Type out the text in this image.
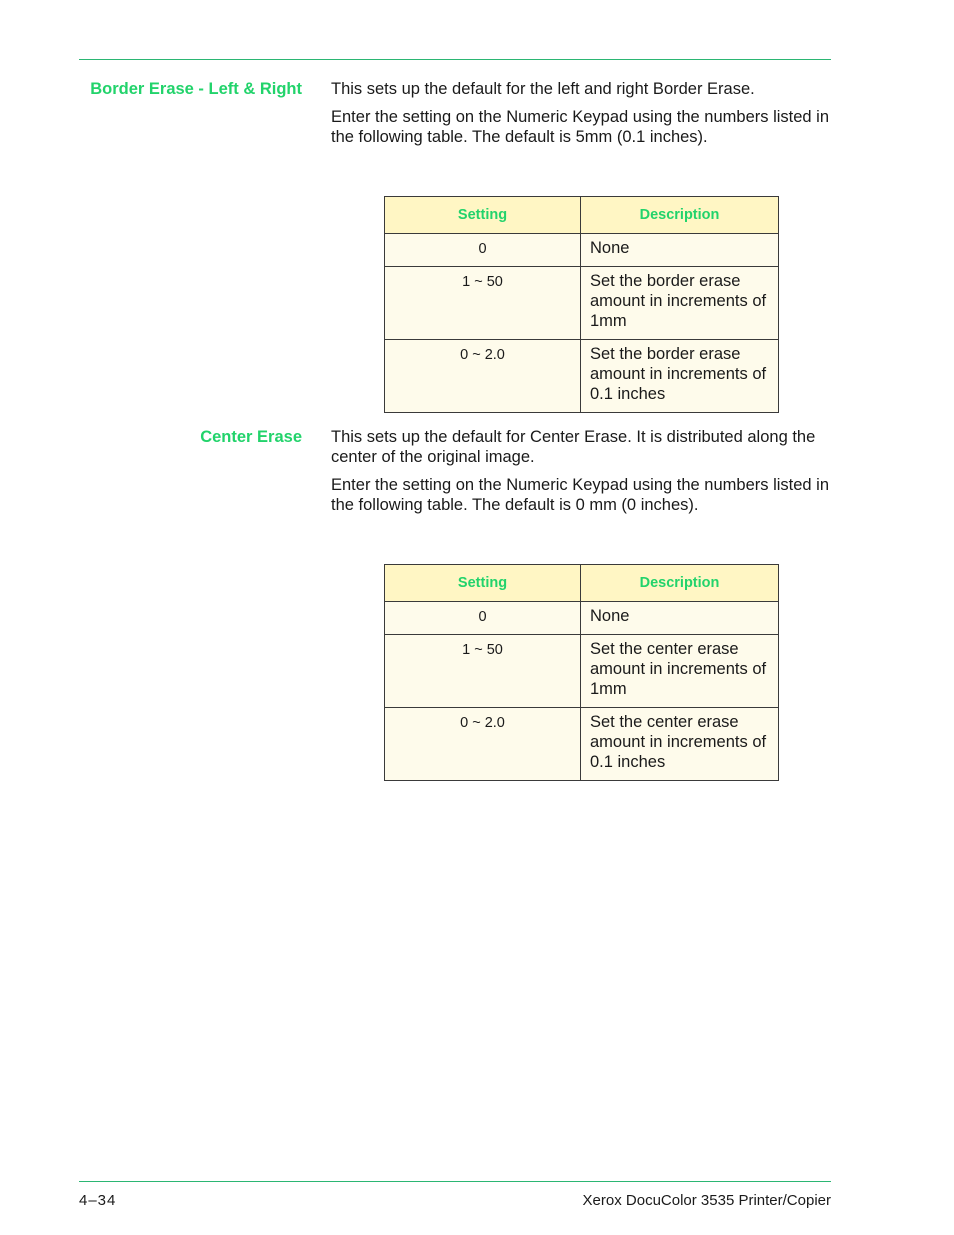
Border Erase - Left & Right This sets up the default for the left and right Border Erase.
Enter the setting on the Numeric Keypad using the numbers listed in the following table. The default is 5mm (0.1 inches).
Setting	Description
0	None
1 ~ 50	Set the border erase amount in increments of 1mm
0 ~ 2.0	Set the border erase amount in increments of 0.1 inches
Center Erase This sets up the default for Center Erase. It is distributed along the center of the original image.
Enter the setting on the Numeric Keypad using the numbers listed in the following table. The default is 0 mm (0 inches).
Setting	Description
0	None
1 ~ 50	Set the center erase amount in increments of 1mm
0 ~ 2.0	Set the center erase amount in increments of 0.1 inches
4–34	Xerox DocuColor 3535 Printer/Copier
